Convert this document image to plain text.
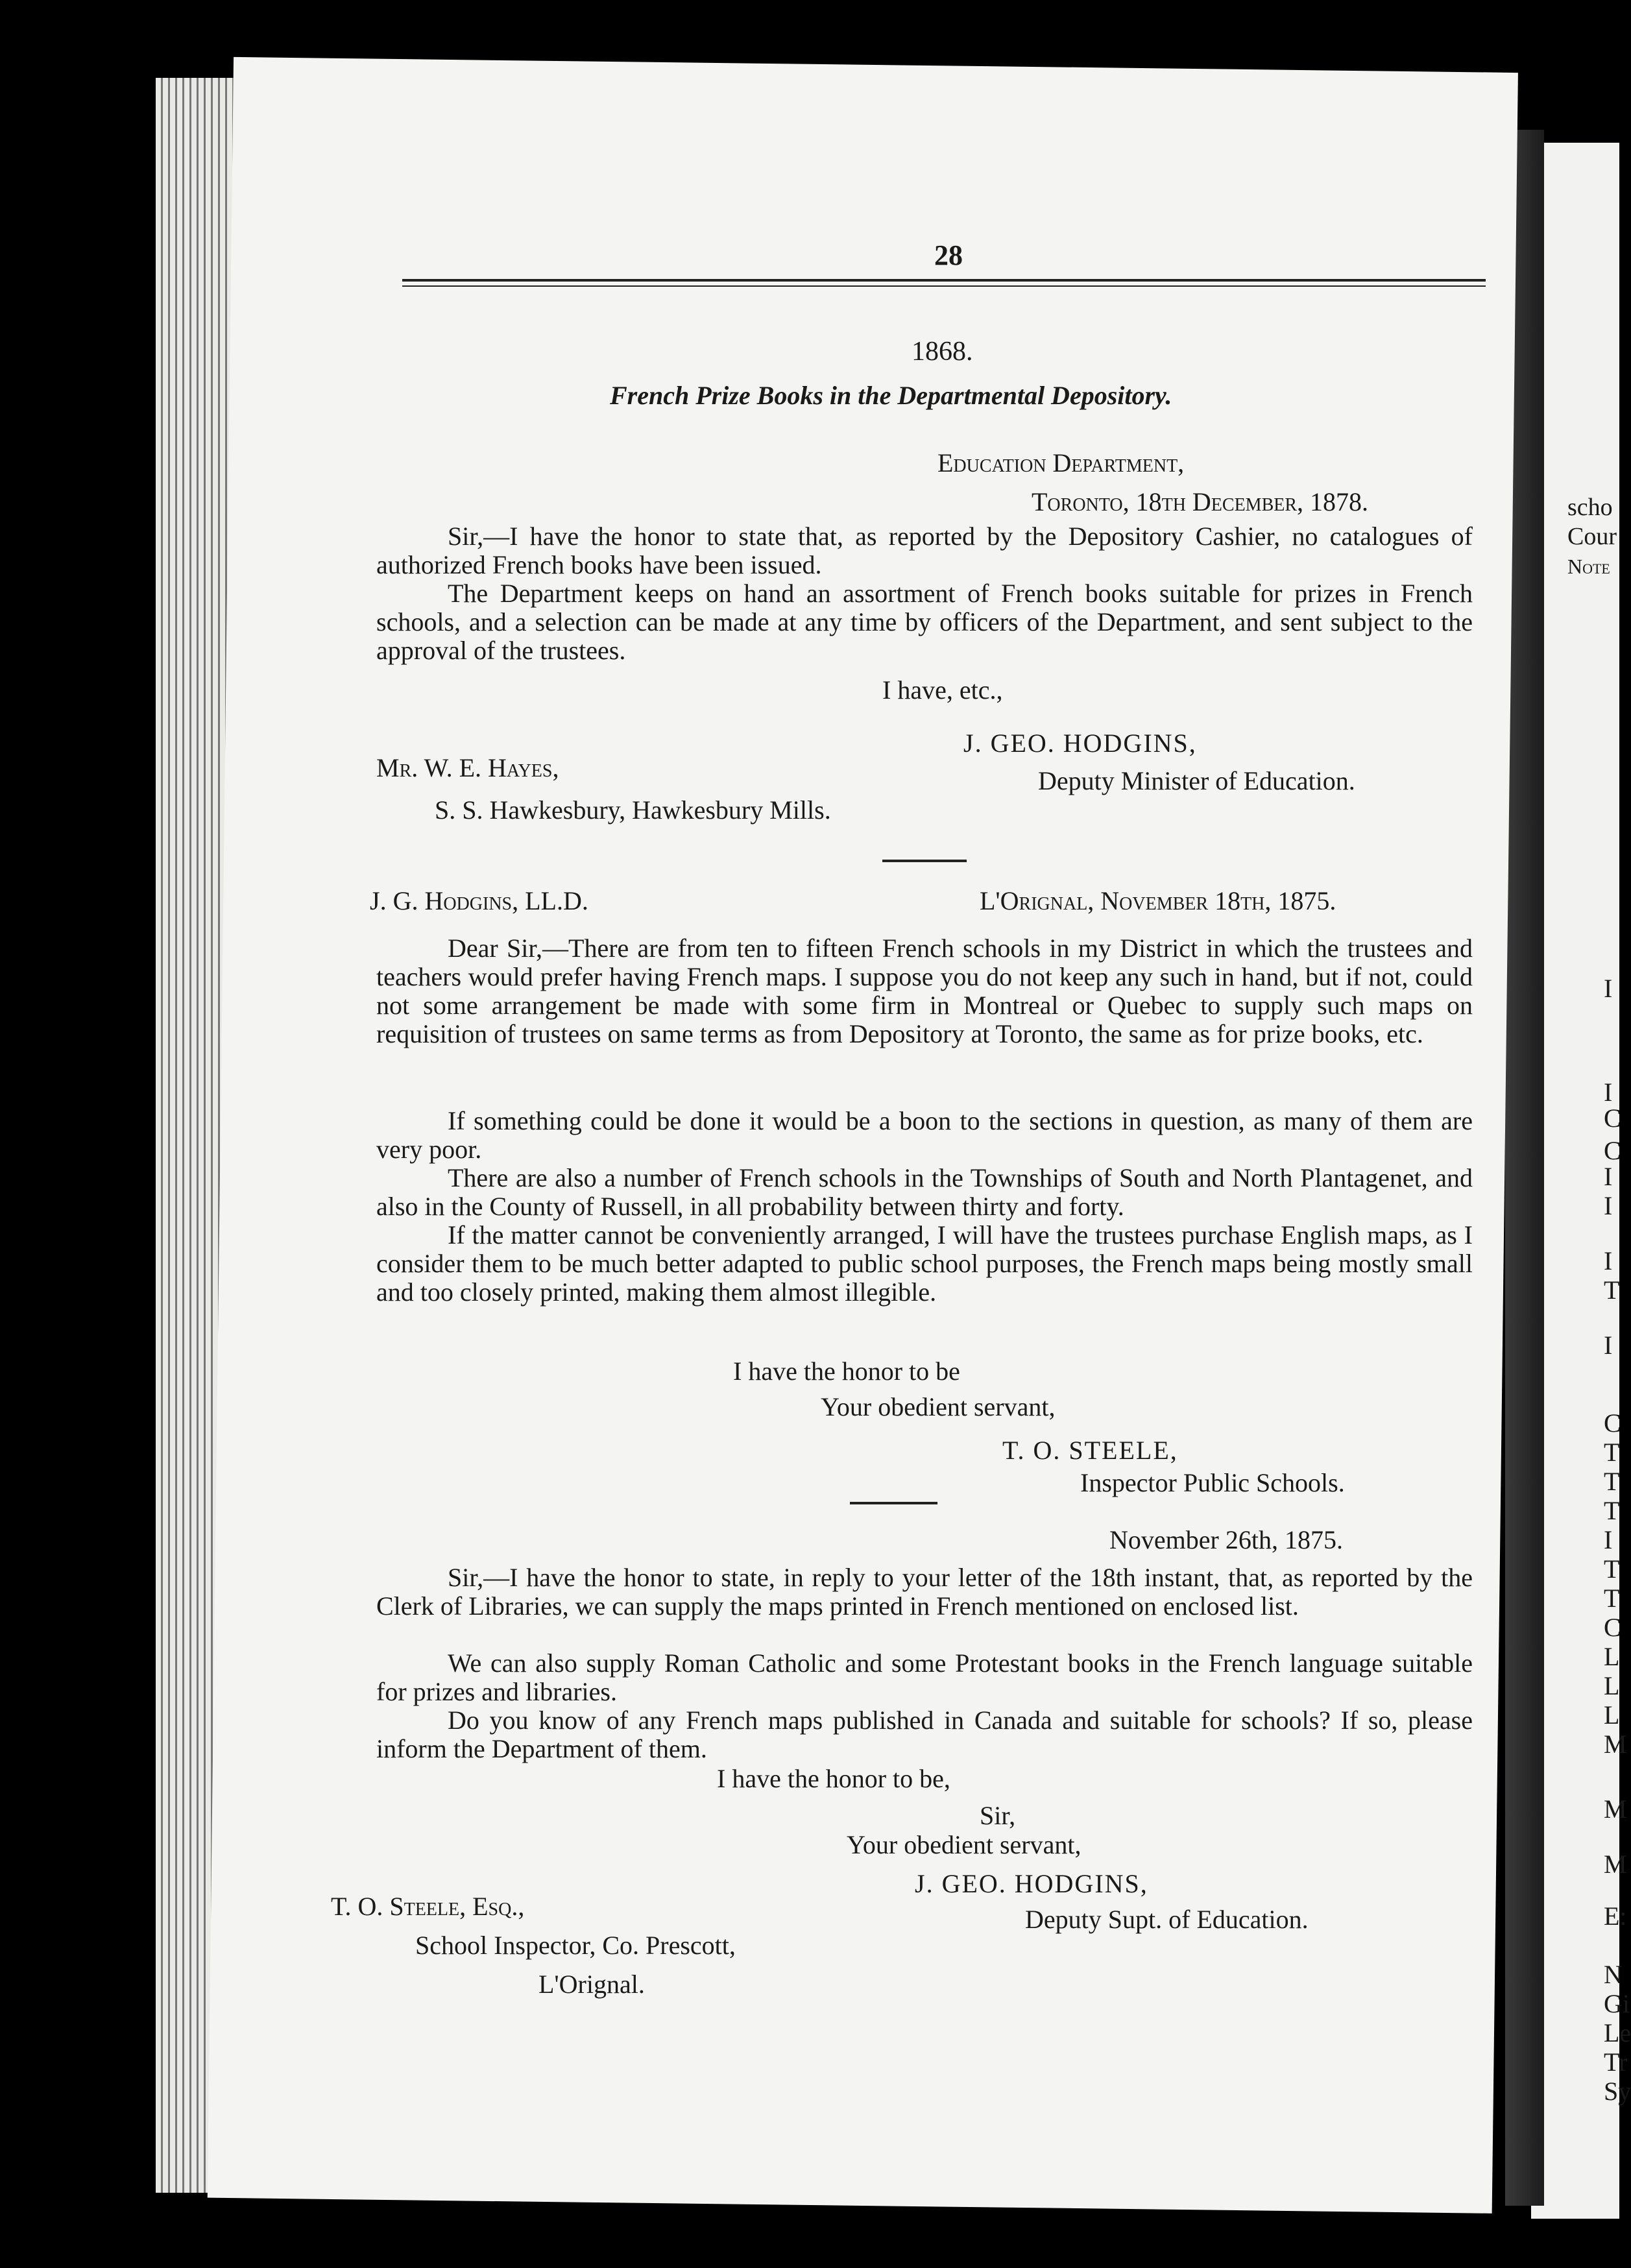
scho
Cour
Note
I
I
C
C
I
I
I
T
I
C
T
T
T
I
T
T
C
L
L
L
M
M
M
E:
N
Gi
Le
Tr
Sy
28
1868.
French Prize Books in the Departmental Depository.
Education Department,
Toronto, 18th December, 1878.
Sir,—I have the honor to state that, as reported by the Depository Cashier, no catalogues of authorized French books have been issued.
The Department keeps on hand an assortment of French books suitable for prizes in French schools, and a selection can be made at any time by officers of the Department, and sent subject to the approval of the trustees.
I have, etc.,
J. GEO. HODGINS,
Deputy Minister of Education.
Mr. W. E. Hayes,
S. S. Hawkesbury, Hawkesbury Mills.
J. G. Hodgins, LL.D.	L'Orignal, November 18th, 1875.
Dear Sir,—There are from ten to fifteen French schools in my District in which the trustees and teachers would prefer having French maps. I suppose you do not keep any such in hand, but if not, could not some arrangement be made with some firm in Montreal or Quebec to supply such maps on requisition of trustees on same terms as from Depository at Toronto, the same as for prize books, etc.
If something could be done it would be a boon to the sections in question, as many of them are very poor.
There are also a number of French schools in the Townships of South and North Plantagenet, and also in the County of Russell, in all probability between thirty and forty.
If the matter cannot be conveniently arranged, I will have the trustees purchase English maps, as I consider them to be much better adapted to public school purposes, the French maps being mostly small and too closely printed, making them almost illegible.
I have the honor to be
Your obedient servant,
T. O. STEELE,
Inspector Public Schools.
November 26th, 1875.
Sir,—I have the honor to state, in reply to your letter of the 18th instant, that, as reported by the Clerk of Libraries, we can supply the maps printed in French mentioned on enclosed list.
We can also supply Roman Catholic and some Protestant books in the French language suitable for prizes and libraries.
Do you know of any French maps published in Canada and suitable for schools? If so, please inform the Department of them.
I have the honor to be,
Sir,
Your obedient servant,
J. GEO. HODGINS,
Deputy Supt. of Education.
T. O. Steele, Esq.,
School Inspector, Co. Prescott,
L'Orignal.
